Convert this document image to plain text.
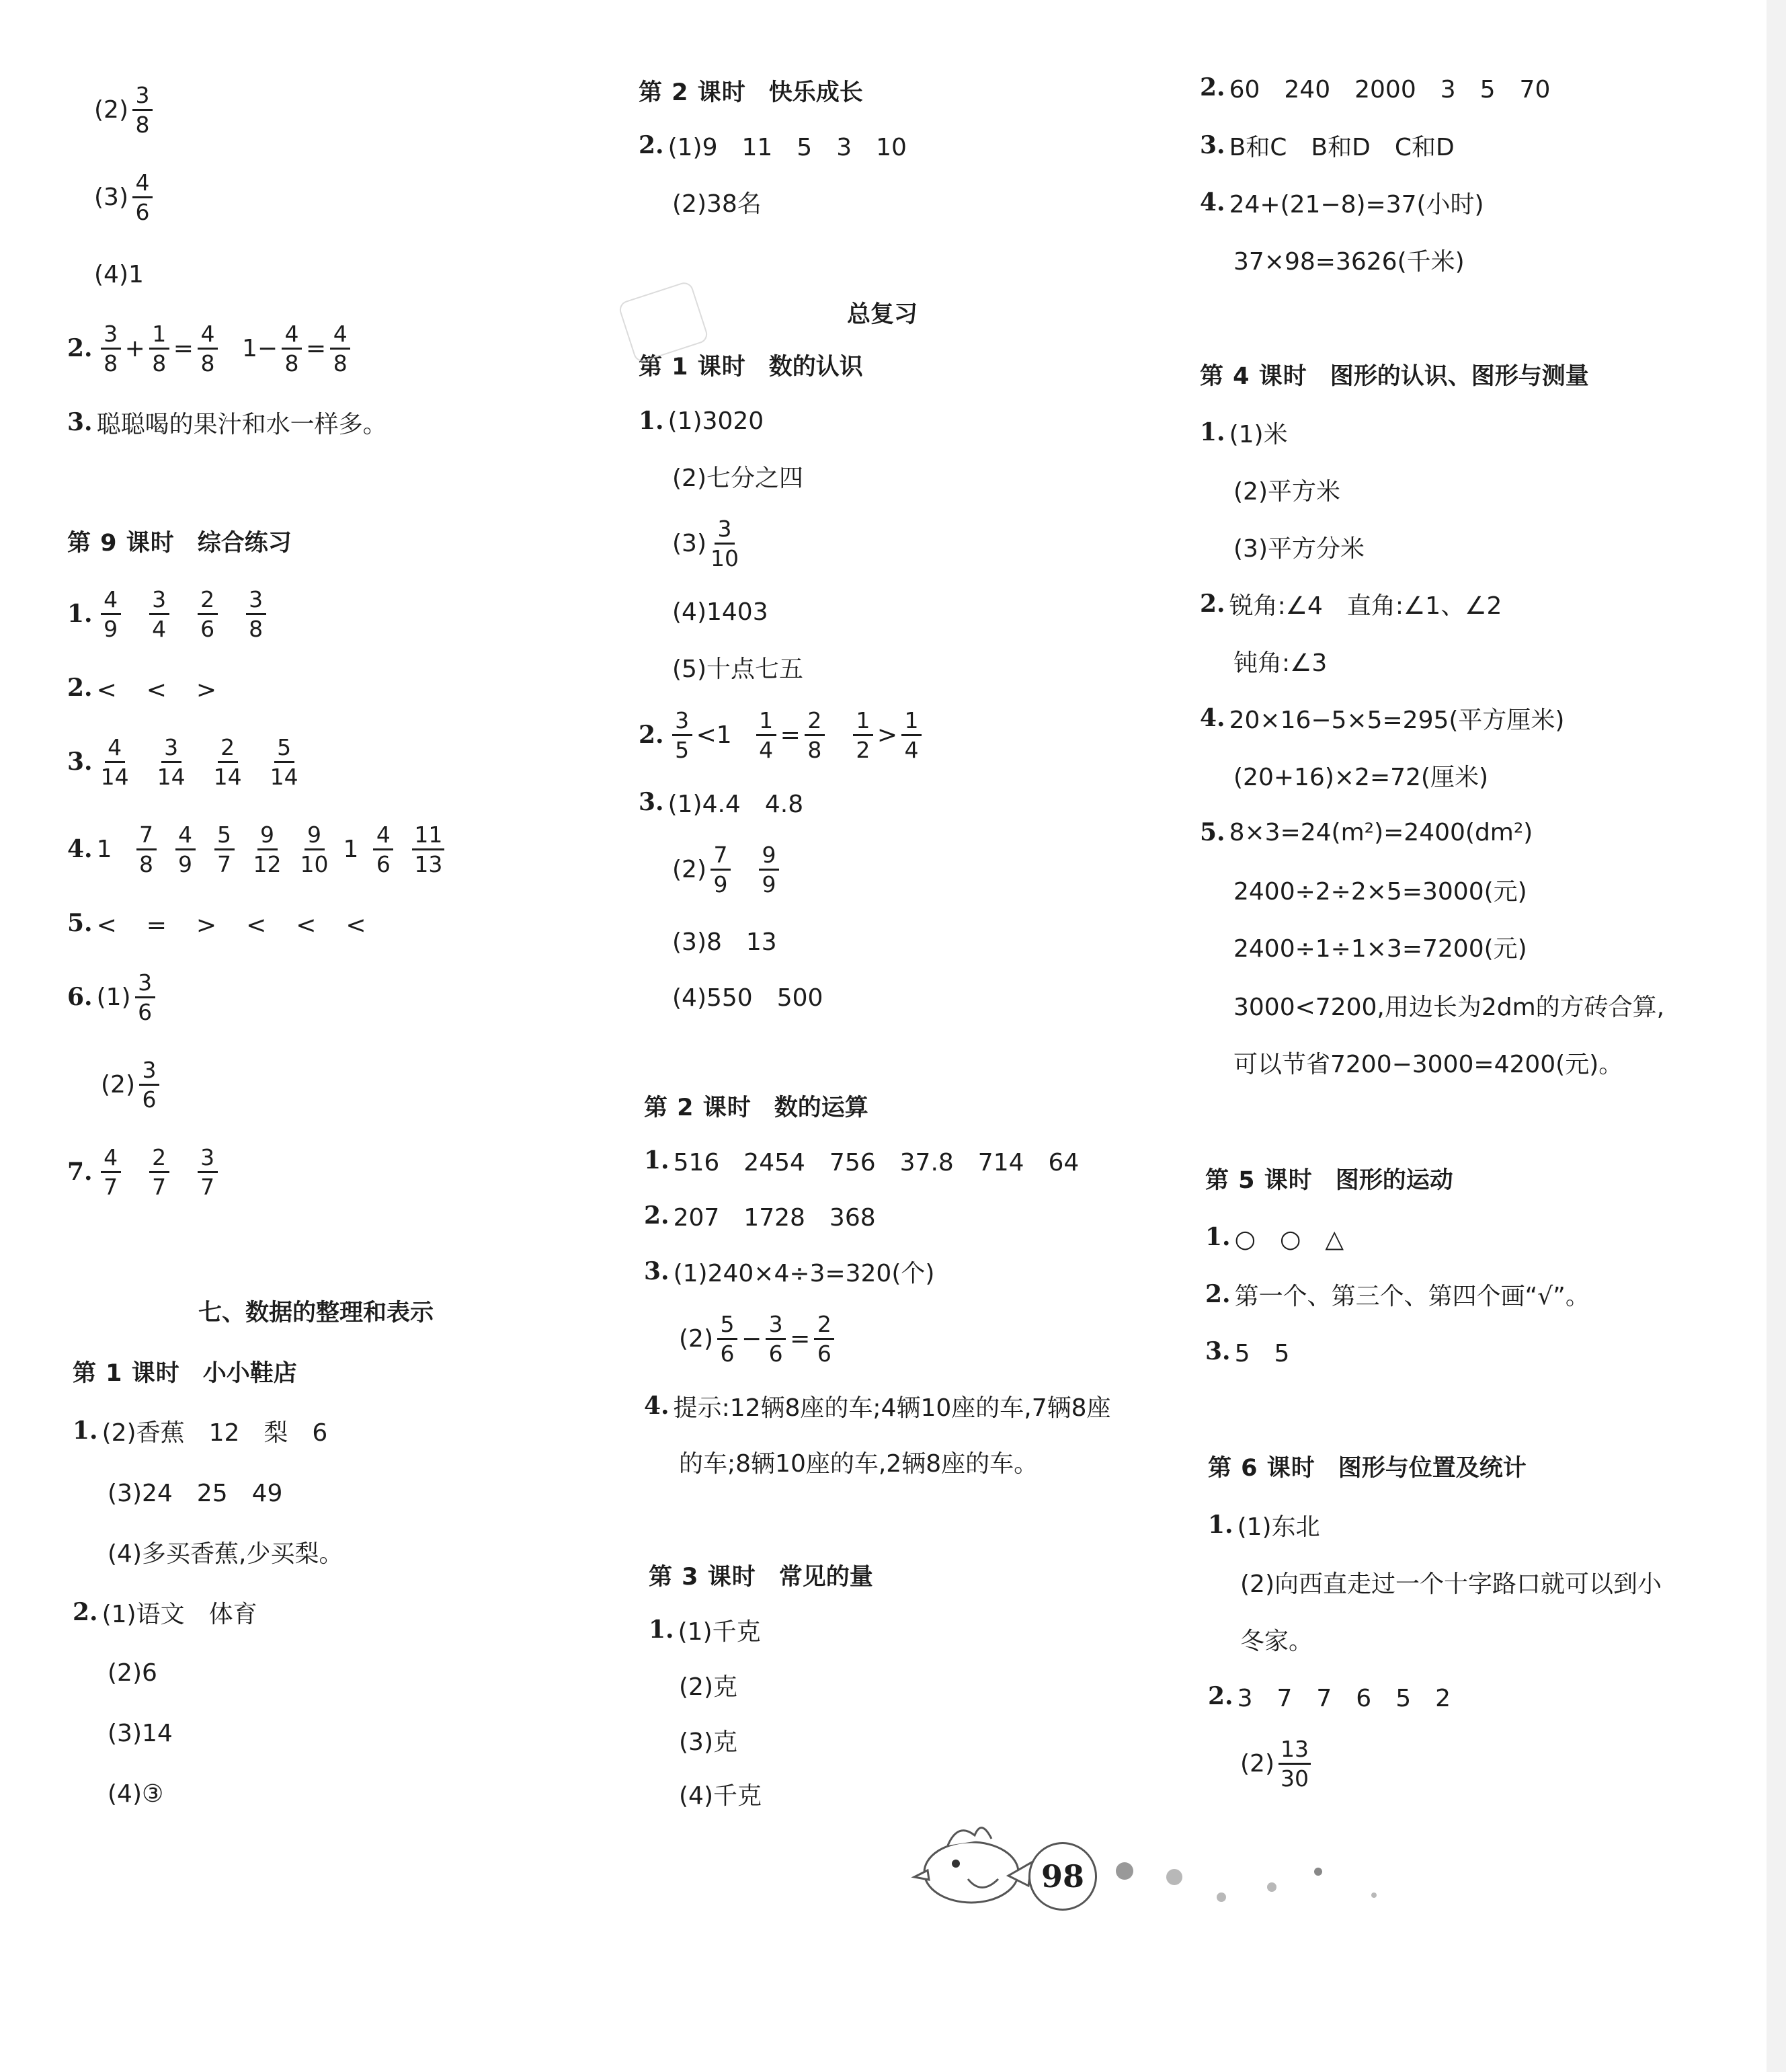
$(2) \frac{3}{8}$
$(3) \frac{4}{6}$
(4)1
2. $\frac{3}{8} + \frac{1}{8} = \frac{4}{8} 1- \frac{4}{8} = \frac{4}{8}$
3. 聪聪喝的果汁和水一样多。
第 9 课时 综合练习
1. $\frac{4}{9} \frac{3}{4} \frac{2}{6} \frac{3}{8}$
2. <　<　>
3. $\frac{4}{14} \frac{3}{14} \frac{2}{14} \frac{5}{14}$
4. $1 \frac{7}{8} \frac{4}{9} \frac{5}{7} \frac{9}{12} \frac{9}{10} 1 \frac{4}{6} \frac{11}{13}$
5. <　=　>　<　<　<
6. $(1) \frac{3}{6}$
$(2) \frac{3}{6}$
7. $\frac{4}{7} \frac{2}{7} \frac{3}{7}$
七、数据的整理和表示
第 1 课时 小小鞋店
1. (2)香蕉　12　梨　6
(3)24　25　49
(4)多买香蕉,少买梨。
2. (1)语文　体育
(2)6
(3)14
(4)③
第 2 课时 快乐成长
2. (1)9　11　5　3　10
(2)38名
总复习
第 1 课时 数的认识
1. (1)3020
(2)七分之四
$(3) \frac{3}{10}$
(4)1403
(5)十点七五
2. $\frac{3}{5} <1 \frac{1}{4} = \frac{2}{8} \frac{1}{2} > \frac{1}{4}$
3. (1)4.4　4.8
$(2) \frac{7}{9} \frac{9}{9}$
(3)8　13
(4)550　500
第 2 课时 数的运算
1. 516　2454　756　37.8　714　64
2. 207　1728　368
3. (1)240×4÷3=320(个)
$(2) \frac{5}{6} - \frac{3}{6} = \frac{2}{6}$
4. 提示:12辆8座的车;4辆10座的车,7辆8座
的车;8辆10座的车,2辆8座的车。
第 3 课时 常见的量
1. (1)千克
(2)克
(3)克
(4)千克
2. 60　240　2000　3　5　70
3. B和C　B和D　C和D
4. 24+(21−8)=37(小时)
37×98=3626(千米)
第 4 课时 图形的认识、图形与测量
1. (1)米
(2)平方米
(3)平方分米
2. 锐角:∠4　直角:∠1、∠2
钝角:∠3
4. 20×16−5×5=295(平方厘米)
(20+16)×2=72(厘米)
5. 8×3=24(m²)=2400(dm²)
2400÷2÷2×5=3000(元)
2400÷1÷1×3=7200(元)
3000<7200,用边长为2dm的方砖合算,
可以节省7200−3000=4200(元)。
第 5 课时 图形的运动
1. ○　○　△
2. 第一个、第三个、第四个画“√”。
3. 5　5
第 6 课时 图形与位置及统计
1. (1)东北
(2)向西直走过一个十字路口就可以到小
冬家。
2. 3　7　7　6　5　2
$(2) \frac{13}{30}$
98
